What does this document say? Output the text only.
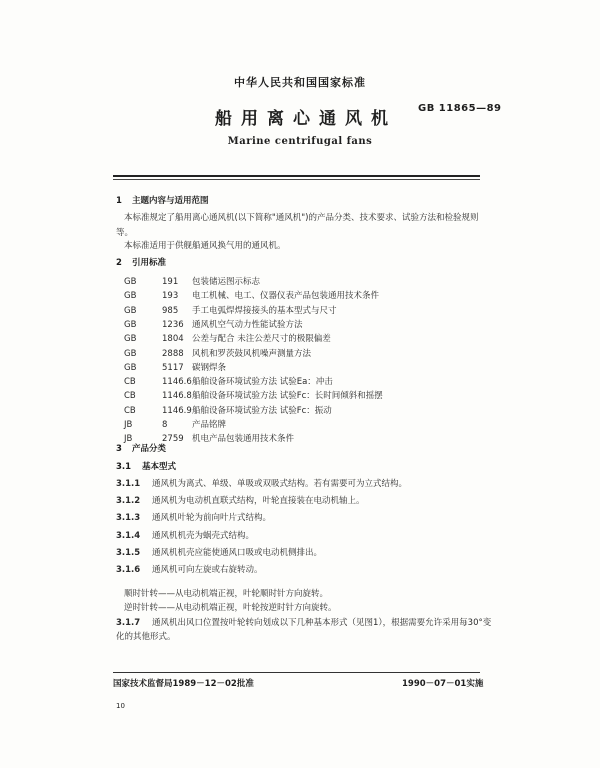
中华人民共和国国家标准
GB 11865—89
船用离心通风机
Marine centrifugal fans
1 主题内容与适用范围
本标准规定了船用离心通风机(以下简称"通风机")的产品分类、技术要求、试验方法和检验规则
等。
本标准适用于供舰船通风换气用的通风机。
2 引用标准
GB	191 包装储运图示标志
GB	193 电工机械、电工、仪器仪表产品包装通用技术条件
GB	985 手工电弧焊焊接接头的基本型式与尺寸
GB	1236 通风机空气动力性能试验方法
GB	1804 公差与配合 未注公差尺寸的极限偏差
GB	2888 风机和罗茨鼓风机噪声测量方法
GB	5117 碳钢焊条
CB	1146.6船舶设备环境试验方法 试验Ea：冲击
CB	1146.8船舶设备环境试验方法 试验Fc：长时间倾斜和摇摆
CB	1146.9船舶设备环境试验方法 试验Fc：振动
JB	8	产品铭牌
JB	2759 机电产品包装通用技术条件
3 产品分类
3.1 基本型式
3.1.1 通风机为离式、单级、单吸或双吸式结构。若有需要可为立式结构。
3.1.2 通风机为电动机直联式结构，叶轮直接装在电动机轴上。
3.1.3 通风机叶轮为前向叶片式结构。
3.1.4 通风机机壳为蜗壳式结构。
3.1.5 通风机机壳应能使通风口吸或电动机侧排出。
3.1.6 通风机可向左旋或右旋转动。
顺时针转——从电动机端正视，叶轮顺时针方向旋转。
逆时针转——从电动机端正视，叶轮按逆时针方向旋转。
3.1.7 通风机出风口位置按叶轮转向划成以下几种基本形式（见图1），根据需要允许采用每30°变
化的其他形式。
国家技术监督局1989－12－02批准	1990－07－01实施
10
